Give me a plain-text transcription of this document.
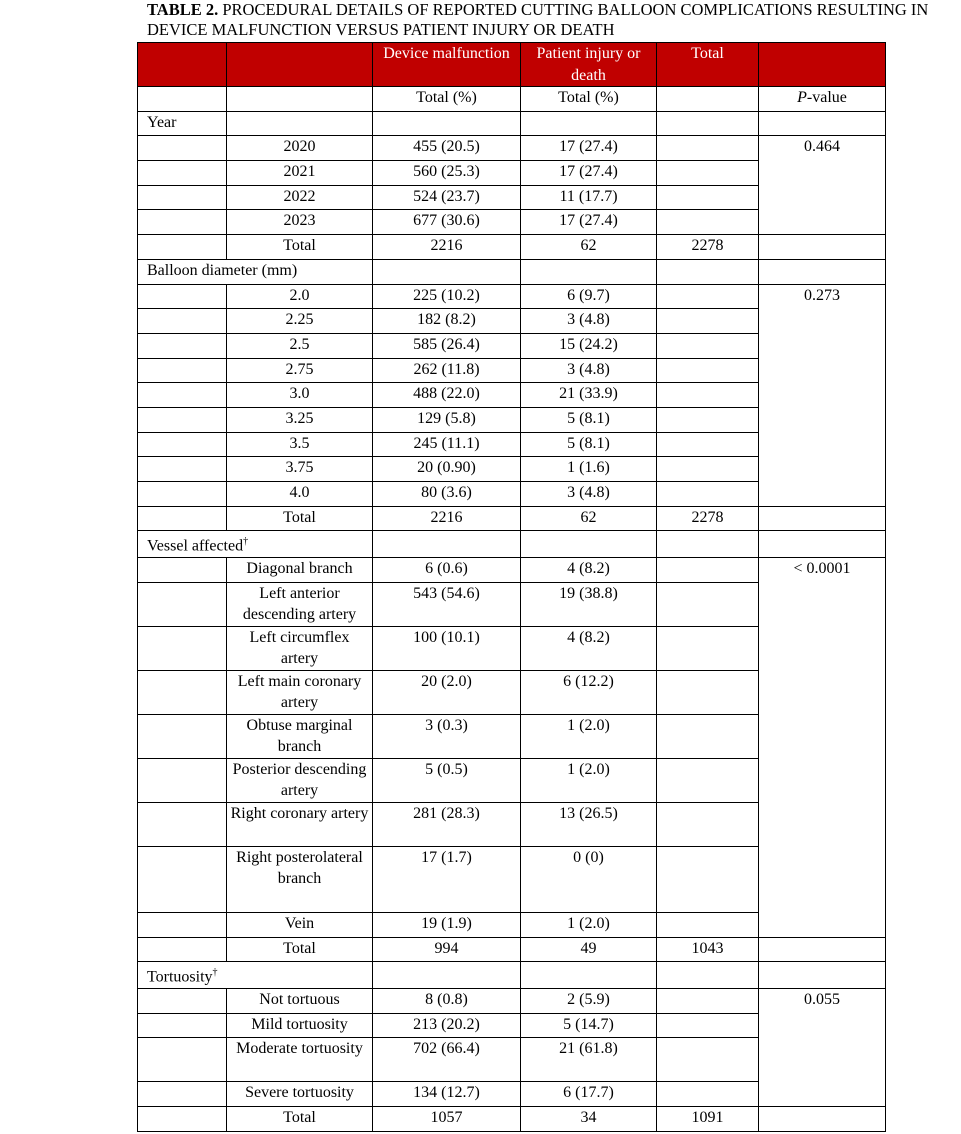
TABLE 2. PROCEDURAL DETAILS OF REPORTED CUTTING BALLOON COMPLICATIONS RESULTING IN DEVICE MALFUNCTION VERSUS PATIENT INJURY OR DEATH
		Device malfunction	Patient injury or death	Total	
		Total (%)	Total (%)		P-value
Year					
	2020	455 (20.5)	17 (27.4)		0.464
	2021	560 (25.3)	17 (27.4)		
	2022	524 (23.7)	11 (17.7)		
	2023	677 (30.6)	17 (27.4)		
	Total	2216	62	2278	
Balloon diameter (mm)					
	2.0	225 (10.2)	6 (9.7)		0.273
	2.25	182 (8.2)	3 (4.8)		
	2.5	585 (26.4)	15 (24.2)		
	2.75	262 (11.8)	3 (4.8)		
	3.0	488 (22.0)	21 (33.9)		
	3.25	129 (5.8)	5 (8.1)		
	3.5	245 (11.1)	5 (8.1)		
	3.75	20 (0.90)	1 (1.6)		
	4.0	80 (3.6)	3 (4.8)		
	Total	2216	62	2278	
Vessel affected†				
	Diagonal branch	6 (0.6)	4 (8.2)		< 0.0001
	Left anterior descending artery	543 (54.6)	19 (38.8)		
	Left circumflex artery	100 (10.1)	4 (8.2)		
	Left main coronary artery	20 (2.0)	6 (12.2)		
	Obtuse marginal branch	3 (0.3)	1 (2.0)		
	Posterior descending artery	5 (0.5)	1 (2.0)		
	Right coronary artery	281 (28.3)	13 (26.5)		
	Right posterolateral branch	17 (1.7)	0 (0)		
	Vein	19 (1.9)	1 (2.0)		
	Total	994	49	1043	
Tortuosity†				
	Not tortuous	8 (0.8)	2 (5.9)		0.055
	Mild tortuosity	213 (20.2)	5 (14.7)		
	Moderate tortuosity	702 (66.4)	21 (61.8)		
	Severe tortuosity	134 (12.7)	6 (17.7)		
	Total	1057	34	1091	
